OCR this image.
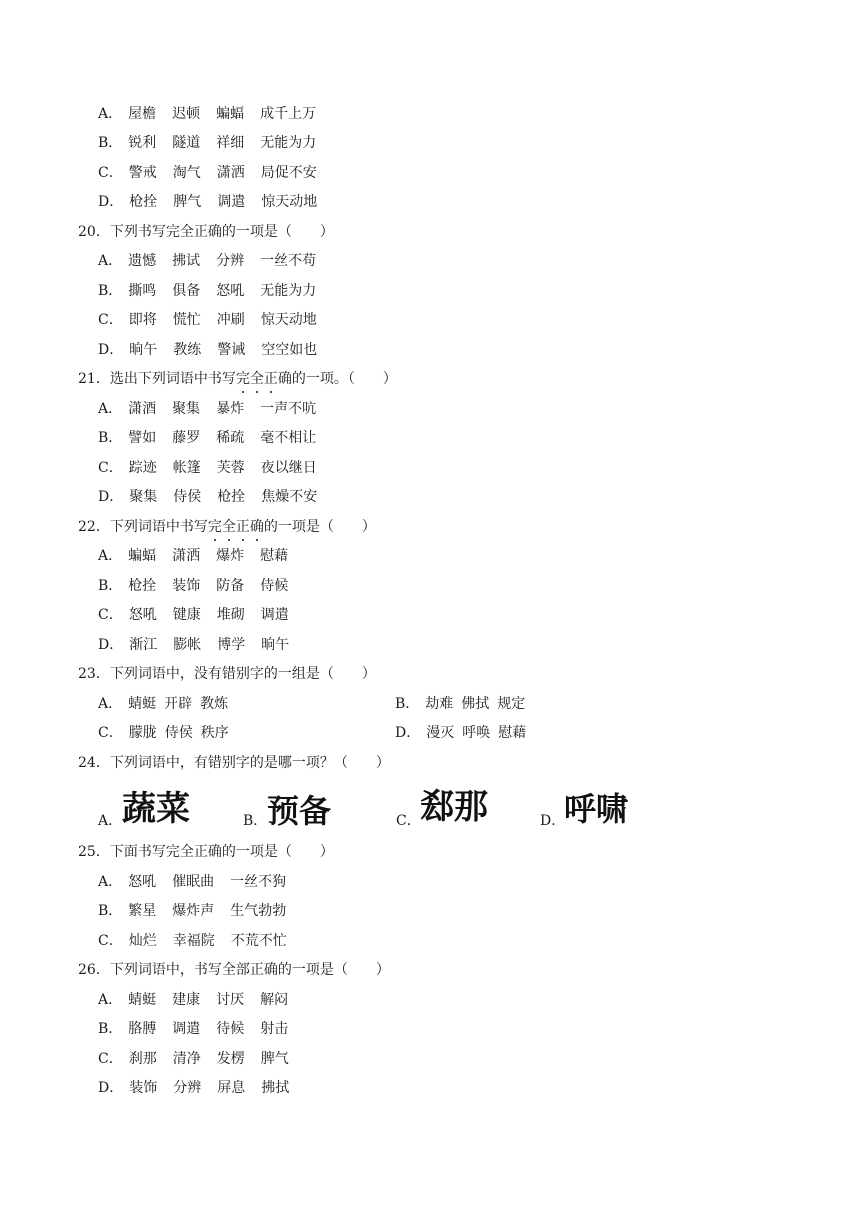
A． 屋檐 迟顿 蝙蝠 成千上万
B． 锐利 隧道 祥细 无能为力
C． 警戒 淘气 潇洒 局促不安
D． 枪拴 脾气 调遣 惊天动地
20．下列书写完全正确的一项是（ ）
A． 遗憾 拂试 分辨 一丝不苟
B． 撕鸣 俱备 怒吼 无能为力
C． 即将 慌忙 冲刷 惊天动地
D． 晌午 教练 警诫 空空如也
21．选出下列词语中书写完全正确的一项。（ ）
A． 潇酒 聚集 暴炸 一声不吭
B． 譬如 藤罗 稀疏 毫不相让
C． 踪迹 帐篷 芙蓉 夜以继日
D． 聚集 侍侯 枪拴 焦燥不安
22．下列词语中书写完全正确的一项是（ ）
A． 蝙蝠 潇洒 爆炸 慰藉
B． 枪拴 装饰 防备 侍候
C． 怒吼 键康 堆砌 调遣
D． 渐江 膨帐 博学 晌午
23．下列词语中，没有错别字的一组是（ ）
A． 蜻蜓 开辟 教炼	B． 劫难 佛拭 规定
C． 朦胧 侍侯 秩序	D． 漫灭 呼唤 慰藉
24．下列词语中，有错别字的是哪一项？（ ）
A． 蔬菜	B． 预备	C． 郄那	D．
呼啸
25．下面书写完全正确的一项是（ ）
A． 怒吼 催眠曲 一丝不狗
B． 繁星 爆炸声 生气勃勃
C． 灿烂 幸福院 不荒不忙
26．下列词语中，书写全部正确的一项是（ ）
A． 蜻蜓 建康 讨厌 解闷
B． 胳膊 调遣 待候 射击
C． 刹那 清净 发楞 脾气
D． 装饰 分辨 屏息 拂拭
